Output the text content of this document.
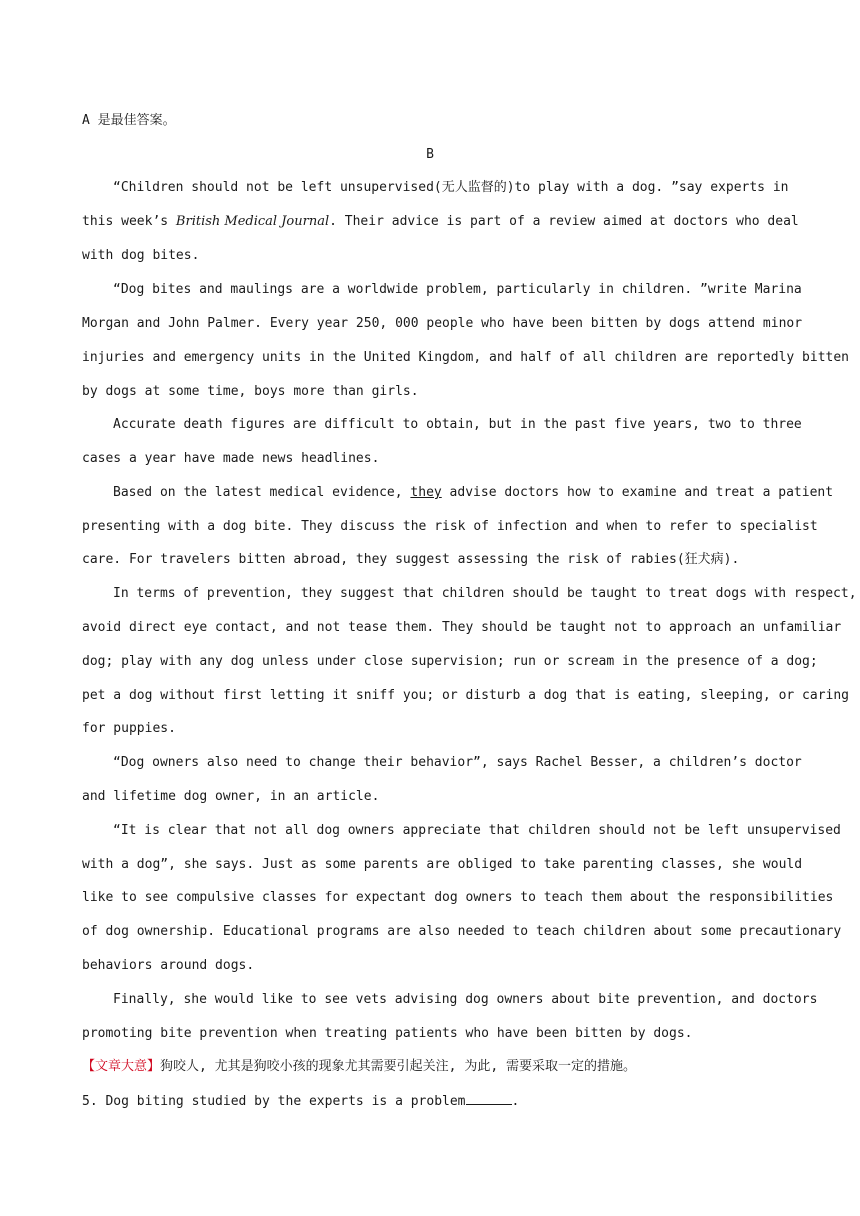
A 是最佳答案。
B
“Children should not be left unsupervised(无人监督的)to play with a dog. ”say experts in
this week’s British Medical Journal. Their advice is part of a review aimed at doctors who deal
with dog bites.
“Dog bites and maulings are a worldwide problem, particularly in children. ”write Marina
Morgan and John Palmer. Every year 250, 000 people who have been bitten by dogs attend minor
injuries and emergency units in the United Kingdom, and half of all children are reportedly bitten
by dogs at some time, boys more than girls.
Accurate death figures are difficult to obtain, but in the past five years, two to three
cases a year have made news headlines.
Based on the latest medical evidence, they advise doctors how to examine and treat a patient
presenting with a dog bite. They discuss the risk of infection and when to refer to specialist
care. For travelers bitten abroad, they suggest assessing the risk of rabies(狂犬病).
In terms of prevention, they suggest that children should be taught to treat dogs with respect,
avoid direct eye contact, and not tease them. They should be taught not to approach an unfamiliar
dog; play with any dog unless under close supervision; run or scream in the presence of a dog;
pet a dog without first letting it sniff you; or disturb a dog that is eating, sleeping, or caring
for puppies.
“Dog owners also need to change their behavior”, says Rachel Besser, a children’s doctor
and lifetime dog owner, in an article.
“It is clear that not all dog owners appreciate that children should not be left unsupervised
with a dog”, she says. Just as some parents are obliged to take parenting classes, she would
like to see compulsive classes for expectant dog owners to teach them about the responsibilities
of dog ownership. Educational programs are also needed to teach children about some precautionary
behaviors around dogs.
Finally, she would like to see vets advising dog owners about bite prevention, and doctors
promoting bite prevention when treating patients who have been bitten by dogs.
【文章大意】狗咬人, 尤其是狗咬小孩的现象尤其需要引起关注, 为此, 需要采取一定的措施。
5. Dog biting studied by the experts is a problem	.
